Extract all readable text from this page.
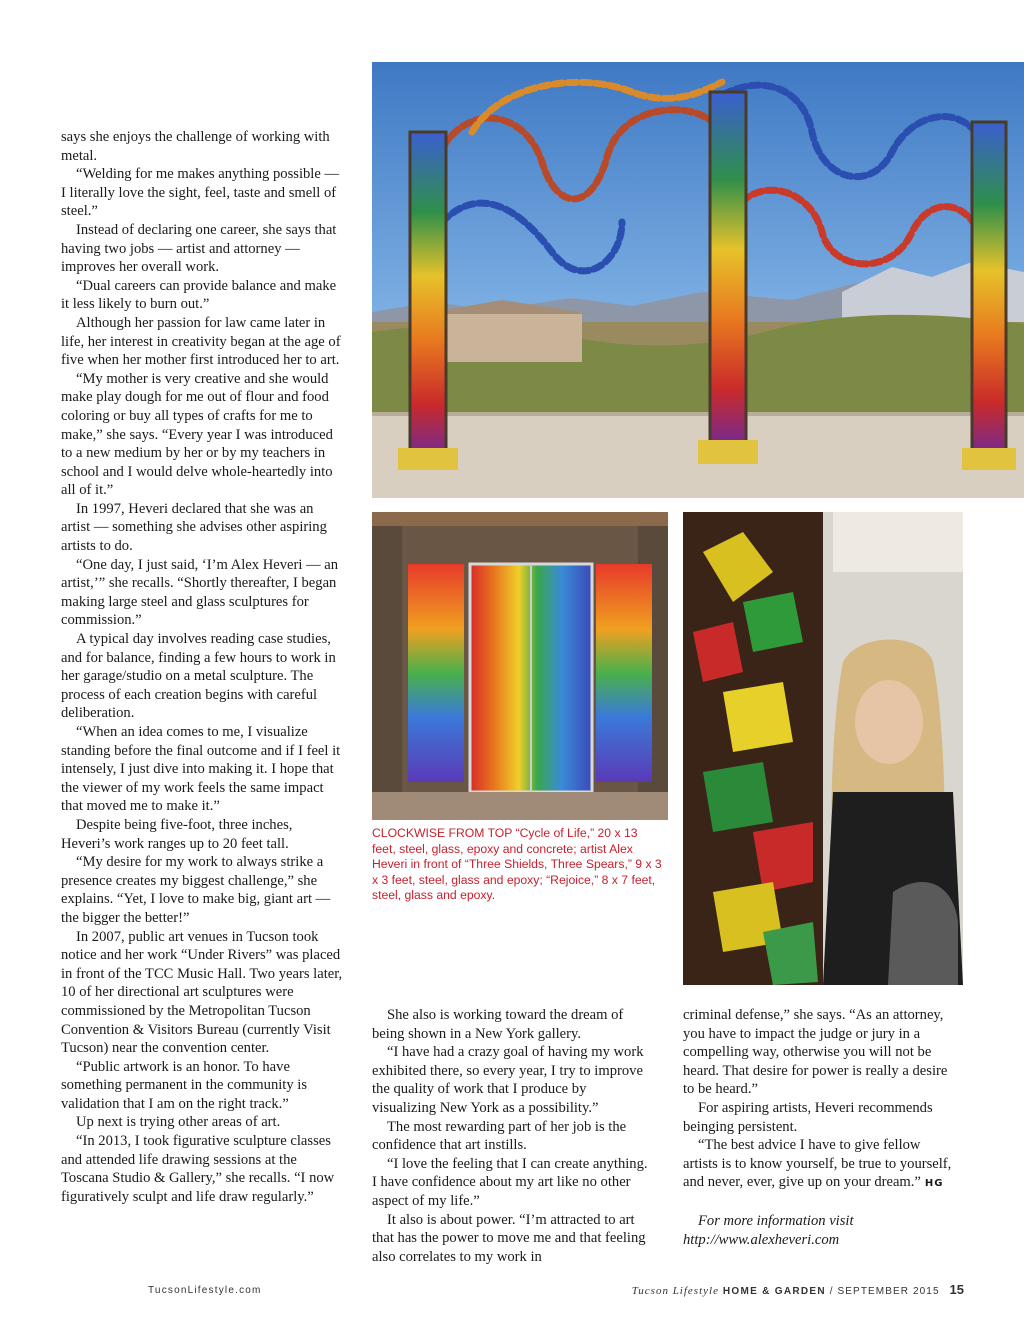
says she enjoys the challenge of working with metal.

“Welding for me makes anything possible — I literally love the sight, feel, taste and smell of steel.”

Instead of declaring one career, she says that having two jobs — artist and attorney — improves her overall work.

“Dual careers can provide balance and make it less likely to burn out.”

Although her passion for law came later in life, her interest in creativity began at the age of five when her mother first introduced her to art.

“My mother is very creative and she would make play dough for me out of flour and food coloring or buy all types of crafts for me to make,” she says. “Every year I was introduced to a new medium by her or by my teachers in school and I would delve whole-heartedly into all of it.”

In 1997, Heveri declared that she was an artist — something she advises other aspiring artists to do.

“One day, I just said, ‘I’m Alex Heveri — an artist,’” she recalls. “Shortly thereafter, I began making large steel and glass sculptures for commission.”

A typical day involves reading case studies, and for balance, finding a few hours to work in her garage/studio on a metal sculpture. The process of each creation begins with careful deliberation.

“When an idea comes to me, I visualize standing before the final outcome and if I feel it intensely, I just dive into making it. I hope that the viewer of my work feels the same impact that moved me to make it.”

Despite being five-foot, three inches, Heveri’s work ranges up to 20 feet tall.

“My desire for my work to always strike a presence creates my biggest challenge,” she explains. “Yet, I love to make big, giant art — the bigger the better!”

In 2007, public art venues in Tucson took notice and her work “Under Rivers” was placed in front of the TCC Music Hall. Two years later, 10 of her directional art sculptures were commissioned by the Metropolitan Tucson Convention & Visitors Bureau (currently Visit Tucson) near the convention center.

“Public artwork is an honor. To have something permanent in the community is validation that I am on the right track.”

Up next is trying other areas of art.

“In 2013, I took figurative sculpture classes and attended life drawing sessions at the Toscana Studio & Gallery,” she recalls. “I now figuratively sculpt and life draw regularly.”

CLOCKWISE FROM TOP “Cycle of Life,” 20 x 13 feet, steel, glass, epoxy and concrete; artist Alex Heveri in front of “Three Shields, Three Spears,” 9 x 3 x 3 feet, steel, glass and epoxy; “Rejoice,” 8 x 7 feet, steel, glass and epoxy.

She also is working toward the dream of being shown in a New York gallery.

“I have had a crazy goal of having my work exhibited there, so every year, I try to improve the quality of work that I produce by visualizing New York as a possibility.”

The most rewarding part of her job is the confidence that art instills.

“I love the feeling that I can create anything. I have confidence about my art like no other aspect of my life.”

It also is about power. “I’m attracted to art that has the power to move me and that feeling also correlates to my work in

criminal defense,” she says. “As an attorney, you have to impact the judge or jury in a compelling way, otherwise you will not be heard. That desire for power is really a desire to be heard.”

For aspiring artists, Heveri recommends beinging persistent.

“The best advice I have to give fellow artists is to know yourself, be true to yourself, and never, ever, give up on your dream.” HG

For more information visit http://www.alexheveri.com

TucsonLifestyle.com	Tucson Lifestyle HOME & GARDEN / SEPTEMBER 2015 15
